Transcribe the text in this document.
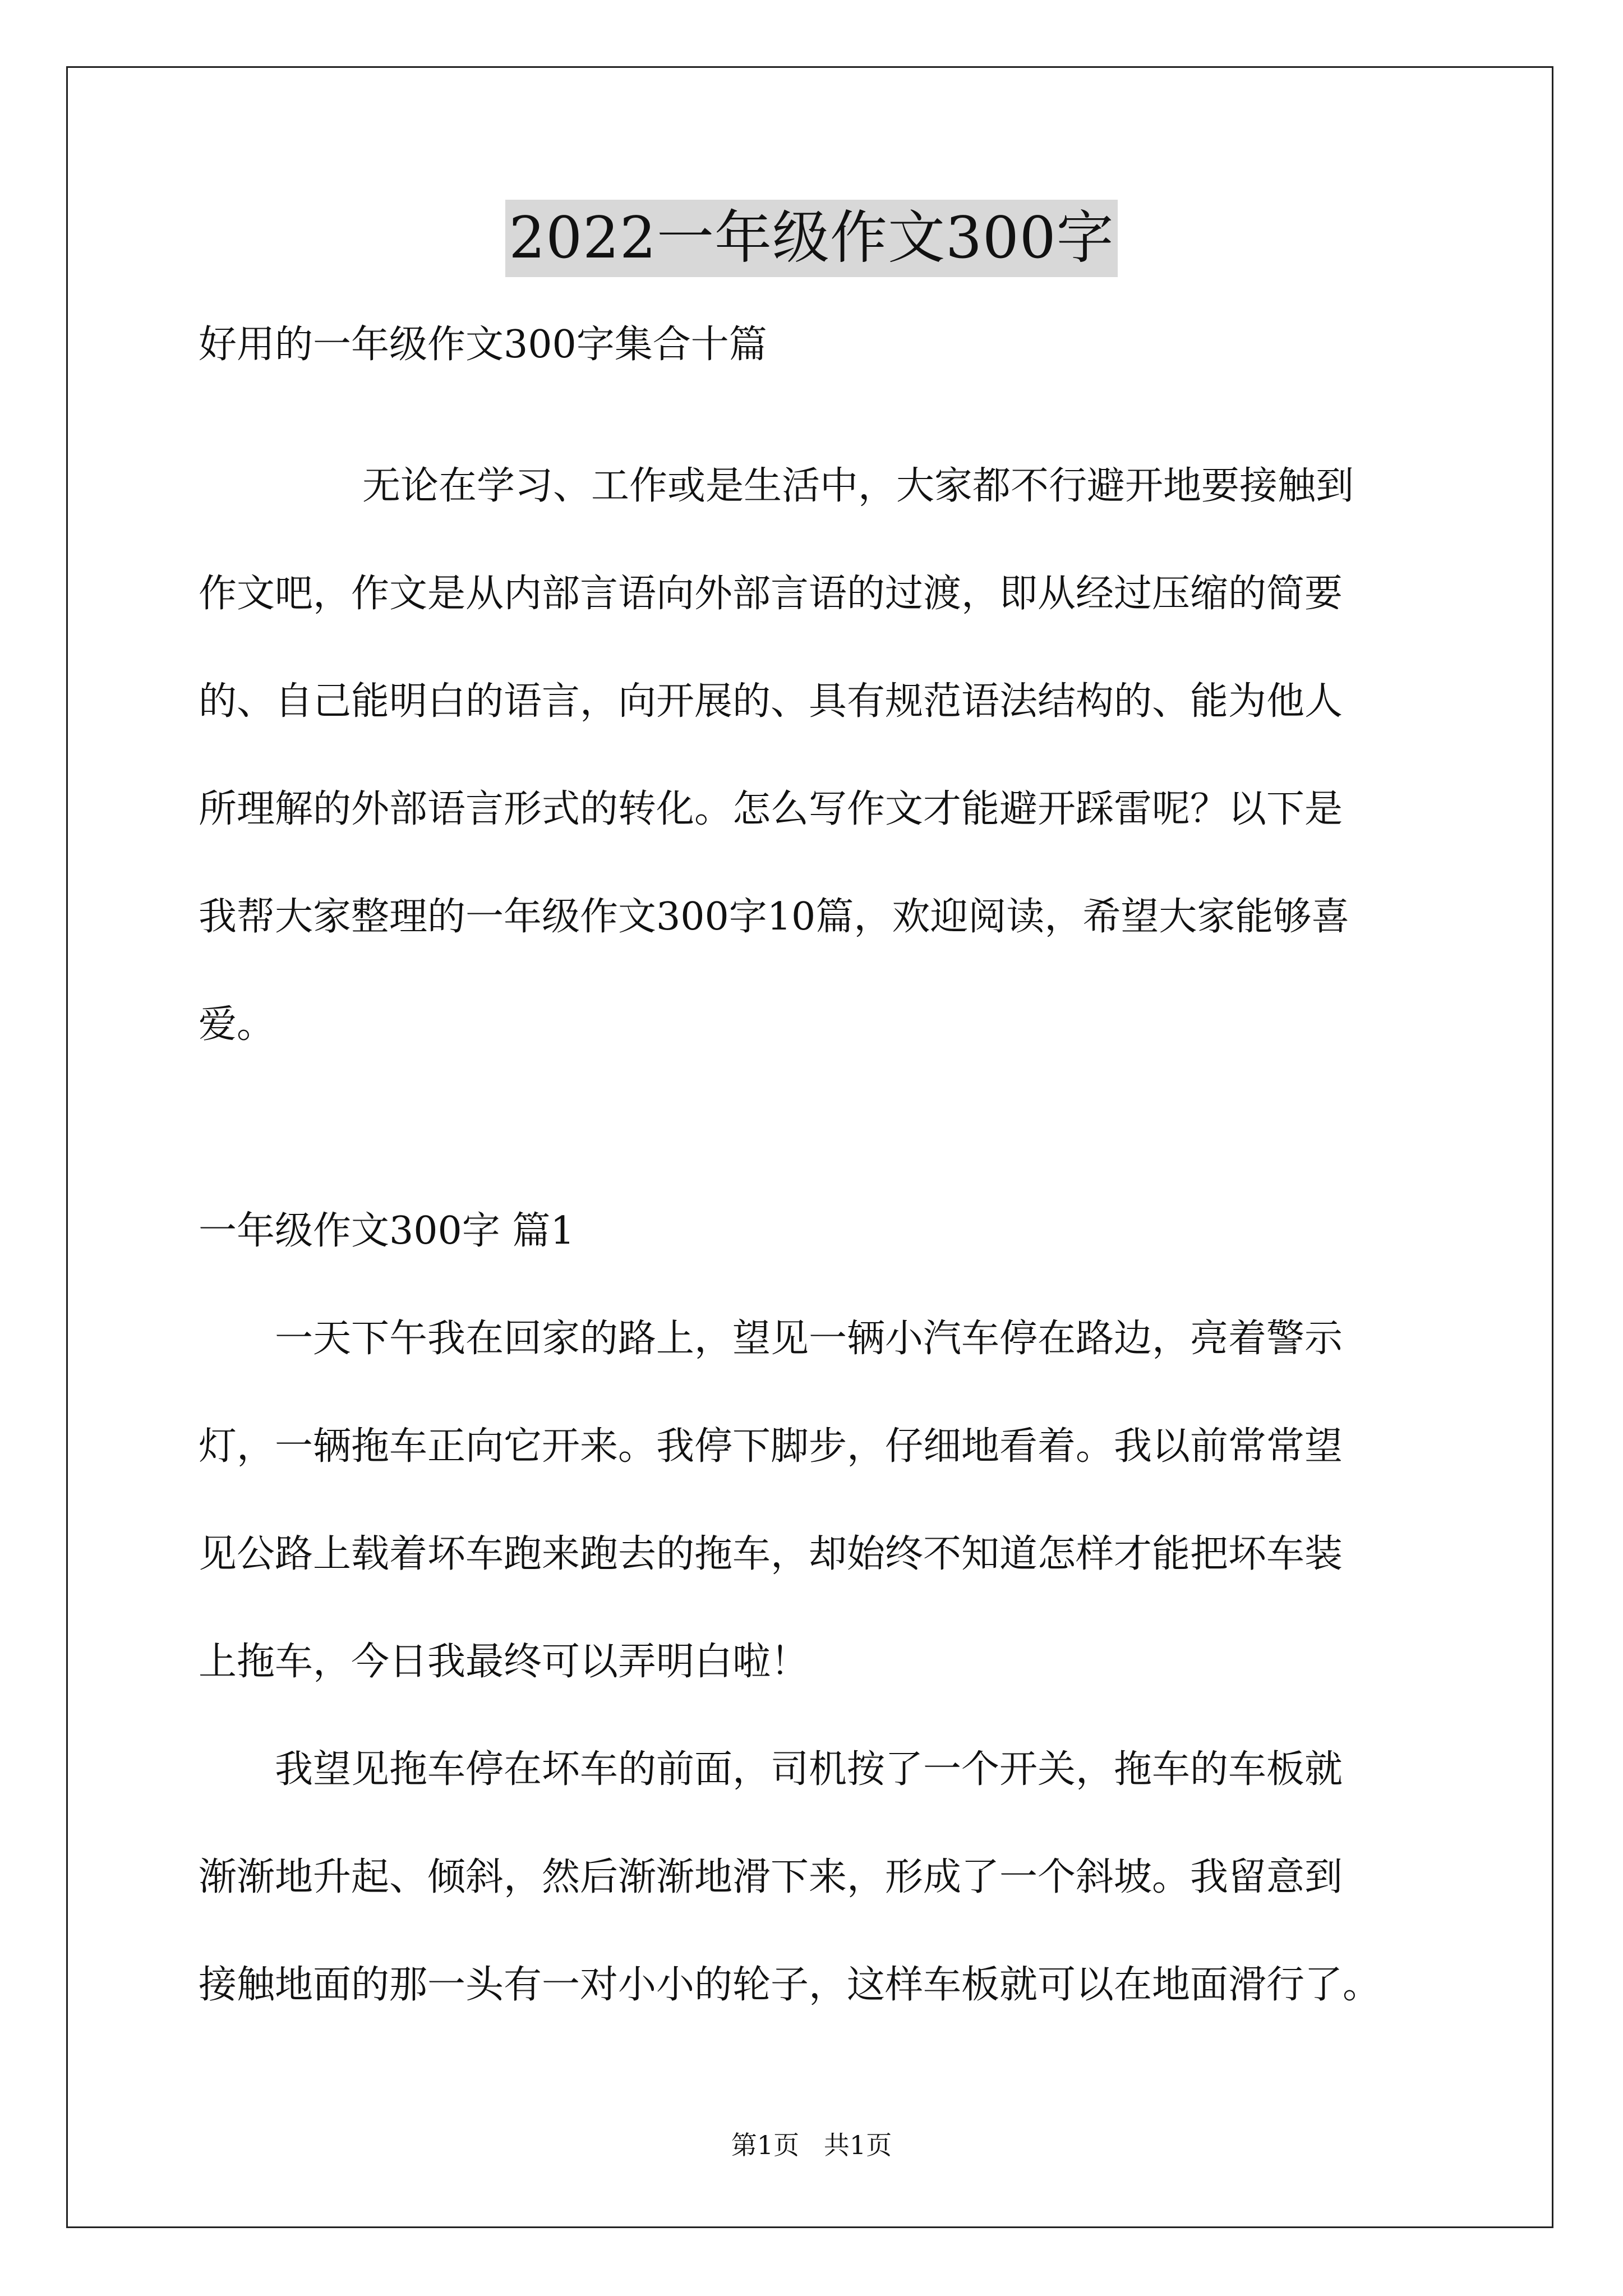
2022一年级作文300字

好用的一年级作文300字集合十篇

无论在学习、工作或是生活中，大家都不行避开地要接触到

作文吧，作文是从内部言语向外部言语的过渡，即从经过压缩的简要

的、自己能明白的语言，向开展的、具有规范语法结构的、能为他人

所理解的外部语言形式的转化。怎么写作文才能避开踩雷呢？以下是

我帮大家整理的一年级作文300字10篇，欢迎阅读，希望大家能够喜

爱。

一年级作文300字 篇1

一天下午我在回家的路上，望见一辆小汽车停在路边，亮着警示

灯，一辆拖车正向它开来。我停下脚步，仔细地看着。我以前常常望

见公路上载着坏车跑来跑去的拖车，却始终不知道怎样才能把坏车装

上拖车，今日我最终可以弄明白啦！

我望见拖车停在坏车的前面，司机按了一个开关，拖车的车板就

渐渐地升起、倾斜，然后渐渐地滑下来，形成了一个斜坡。我留意到

接触地面的那一头有一对小小的轮子，这样车板就可以在地面滑行了。

第1页   共1页
